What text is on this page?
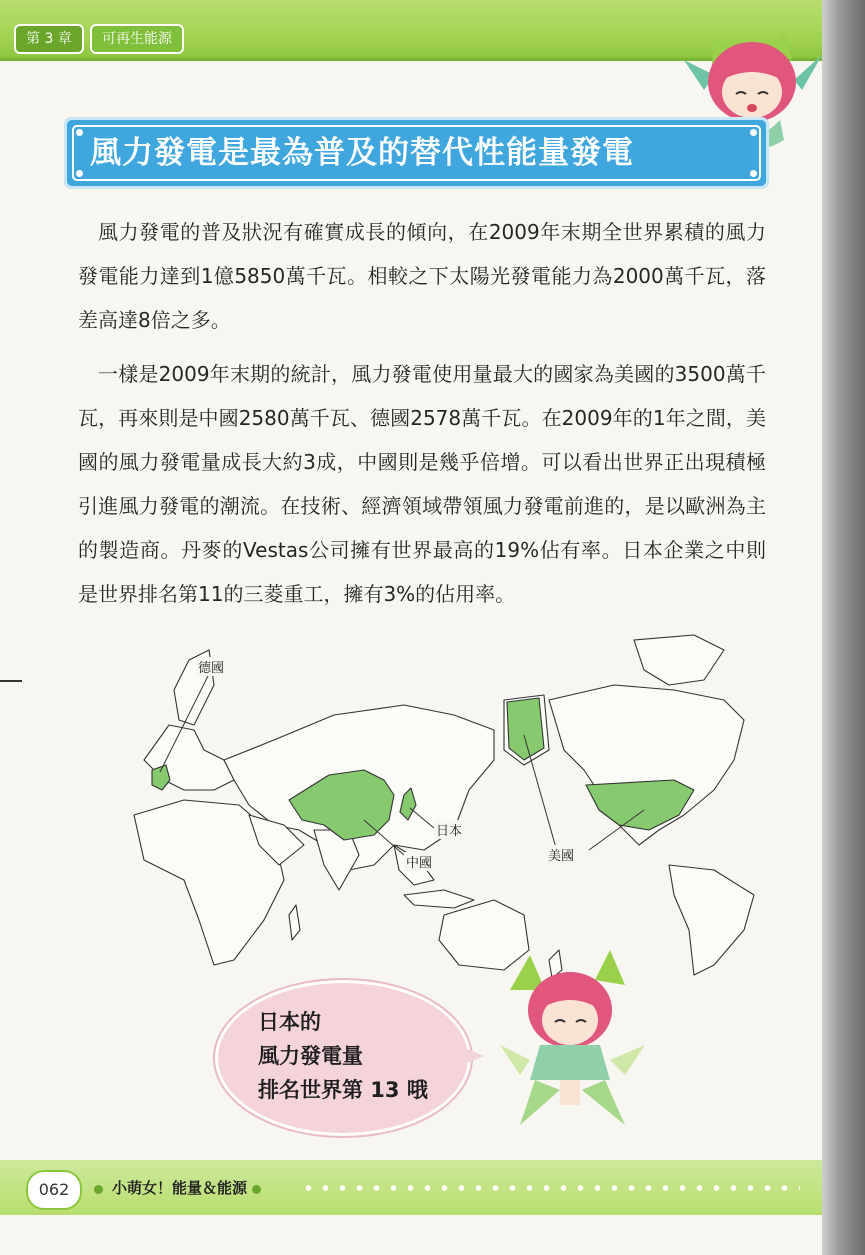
第 3 章	可再生能源
風力發電是最為普及的替代性能量發電

風力發電的普及狀況有確實成長的傾向，在2009年末期全世界累積的風力發電能力達到1億5850萬千瓦。相較之下太陽光發電能力為2000萬千瓦，落差高達8倍之多。

一樣是2009年末期的統計，風力發電使用量最大的國家為美國的3500萬千瓦，再來則是中國2580萬千瓦、德國2578萬千瓦。在2009年的1年之間，美國的風力發電量成長大約3成，中國則是幾乎倍增。可以看出世界正出現積極引進風力發電的潮流。在技術、經濟領域帶領風力發電前進的，是以歐洲為主的製造商。丹麥的Vestas公司擁有世界最高的19%佔有率。日本企業之中則是世界排名第11的三菱重工，擁有3%的佔用率。

德國
日本
中國	美國
日本的
風力發電量
排名世界第 13 哦
062	小萌女！能量＆能源
